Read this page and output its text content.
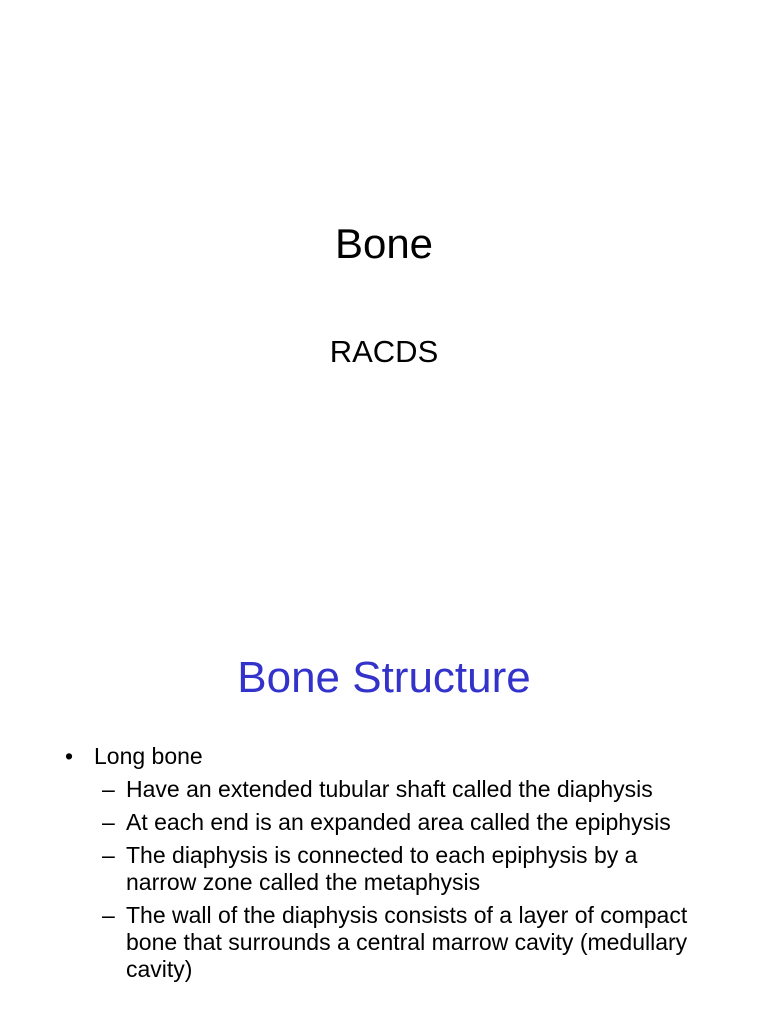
Bone
RACDS
Bone Structure
• Long bone
– Have an extended tubular shaft called the diaphysis
– At each end is an expanded area called the epiphysis
– The diaphysis is connected to each epiphysis by a narrow zone called the metaphysis
– The wall of the diaphysis consists of a layer of compact bone that surrounds a central marrow cavity (medullary cavity)
